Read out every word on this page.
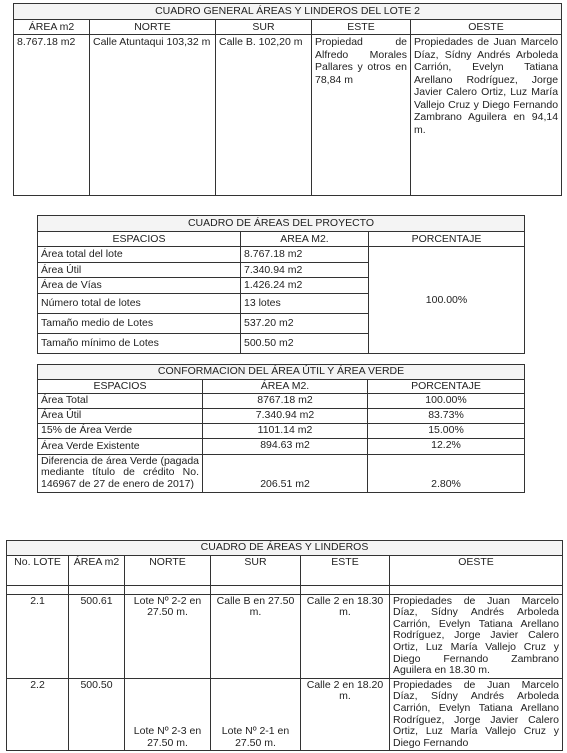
CUADRO GENERAL ÁREAS Y LINDEROS DEL LOTE 2				
ÁREA m2	NORTE	SUR	ESTE	OESTE
8.767.18 m2	Calle Atuntaqui 103,32 m	Calle B. 102,20 m	Propiedad de Alfredo Morales Pallares y otros en 78,84 m	Propiedades de Juan Marcelo Díaz, Sídny Andrés Arboleda Carrión, Evelyn Tatiana Arellano Rodríguez, Jorge Javier Calero Ortiz, Luz María Vallejo Cruz y Diego Fernando Zambrano Aguilera en 94,14 m.
CUADRO DE ÁREAS DEL PROYECTO		
ESPACIOS	AREA M2.	PORCENTAJE
Área total del lote	8.767.18 m2	100.00%
Área Útil	7.340.94 m2	
Área de Vías	1.426.24 m2	
Número total de lotes	13 lotes	
Tamaño medio de Lotes	537.20 m2	
Tamaño mínimo de Lotes	500.50 m2	
CONFORMACION DEL ÁREA ÚTIL Y ÁREA VERDE		
ESPACIOS	ÁREA M2.	PORCENTAJE
Área Total	8767.18 m2	100.00%
Área Útil	7.340.94 m2	83.73%
15% de Área Verde	1101.14 m2	15.00%
Área Verde Existente	894.63 m2	12.2%
Diferencia de área Verde (pagada mediante título de crédito No. 146967 de 27 de enero de 2017)	206.51 m2	2.80%
CUADRO DE ÁREAS Y LINDEROS					
No. LOTE	ÁREA m2	NORTE	SUR	ESTE	OESTE

2.1	500.61	Lote Nº 2-2 en 27.50 m.	Calle B en 27.50 m.	Calle 2 en 18.30 m.	Propiedades de Juan Marcelo Díaz, Sídny Andrés Arboleda Carrión, Evelyn Tatiana Arellano Rodríguez, Jorge Javier Calero Ortiz, Luz María Vallejo Cruz y Diego Fernando Zambrano Aguilera en 18.30 m.
2.2	500.50	Lote Nº 2-3 en 27.50 m.	Lote Nº 2-1 en 27.50 m.	Calle 2 en 18.20 m.	Propiedades de Juan Marcelo Díaz, Sídny Andrés Arboleda Carrión, Evelyn Tatiana Arellano Rodríguez, Jorge Javier Calero Ortiz, Luz María Vallejo Cruz y Diego Fernando
